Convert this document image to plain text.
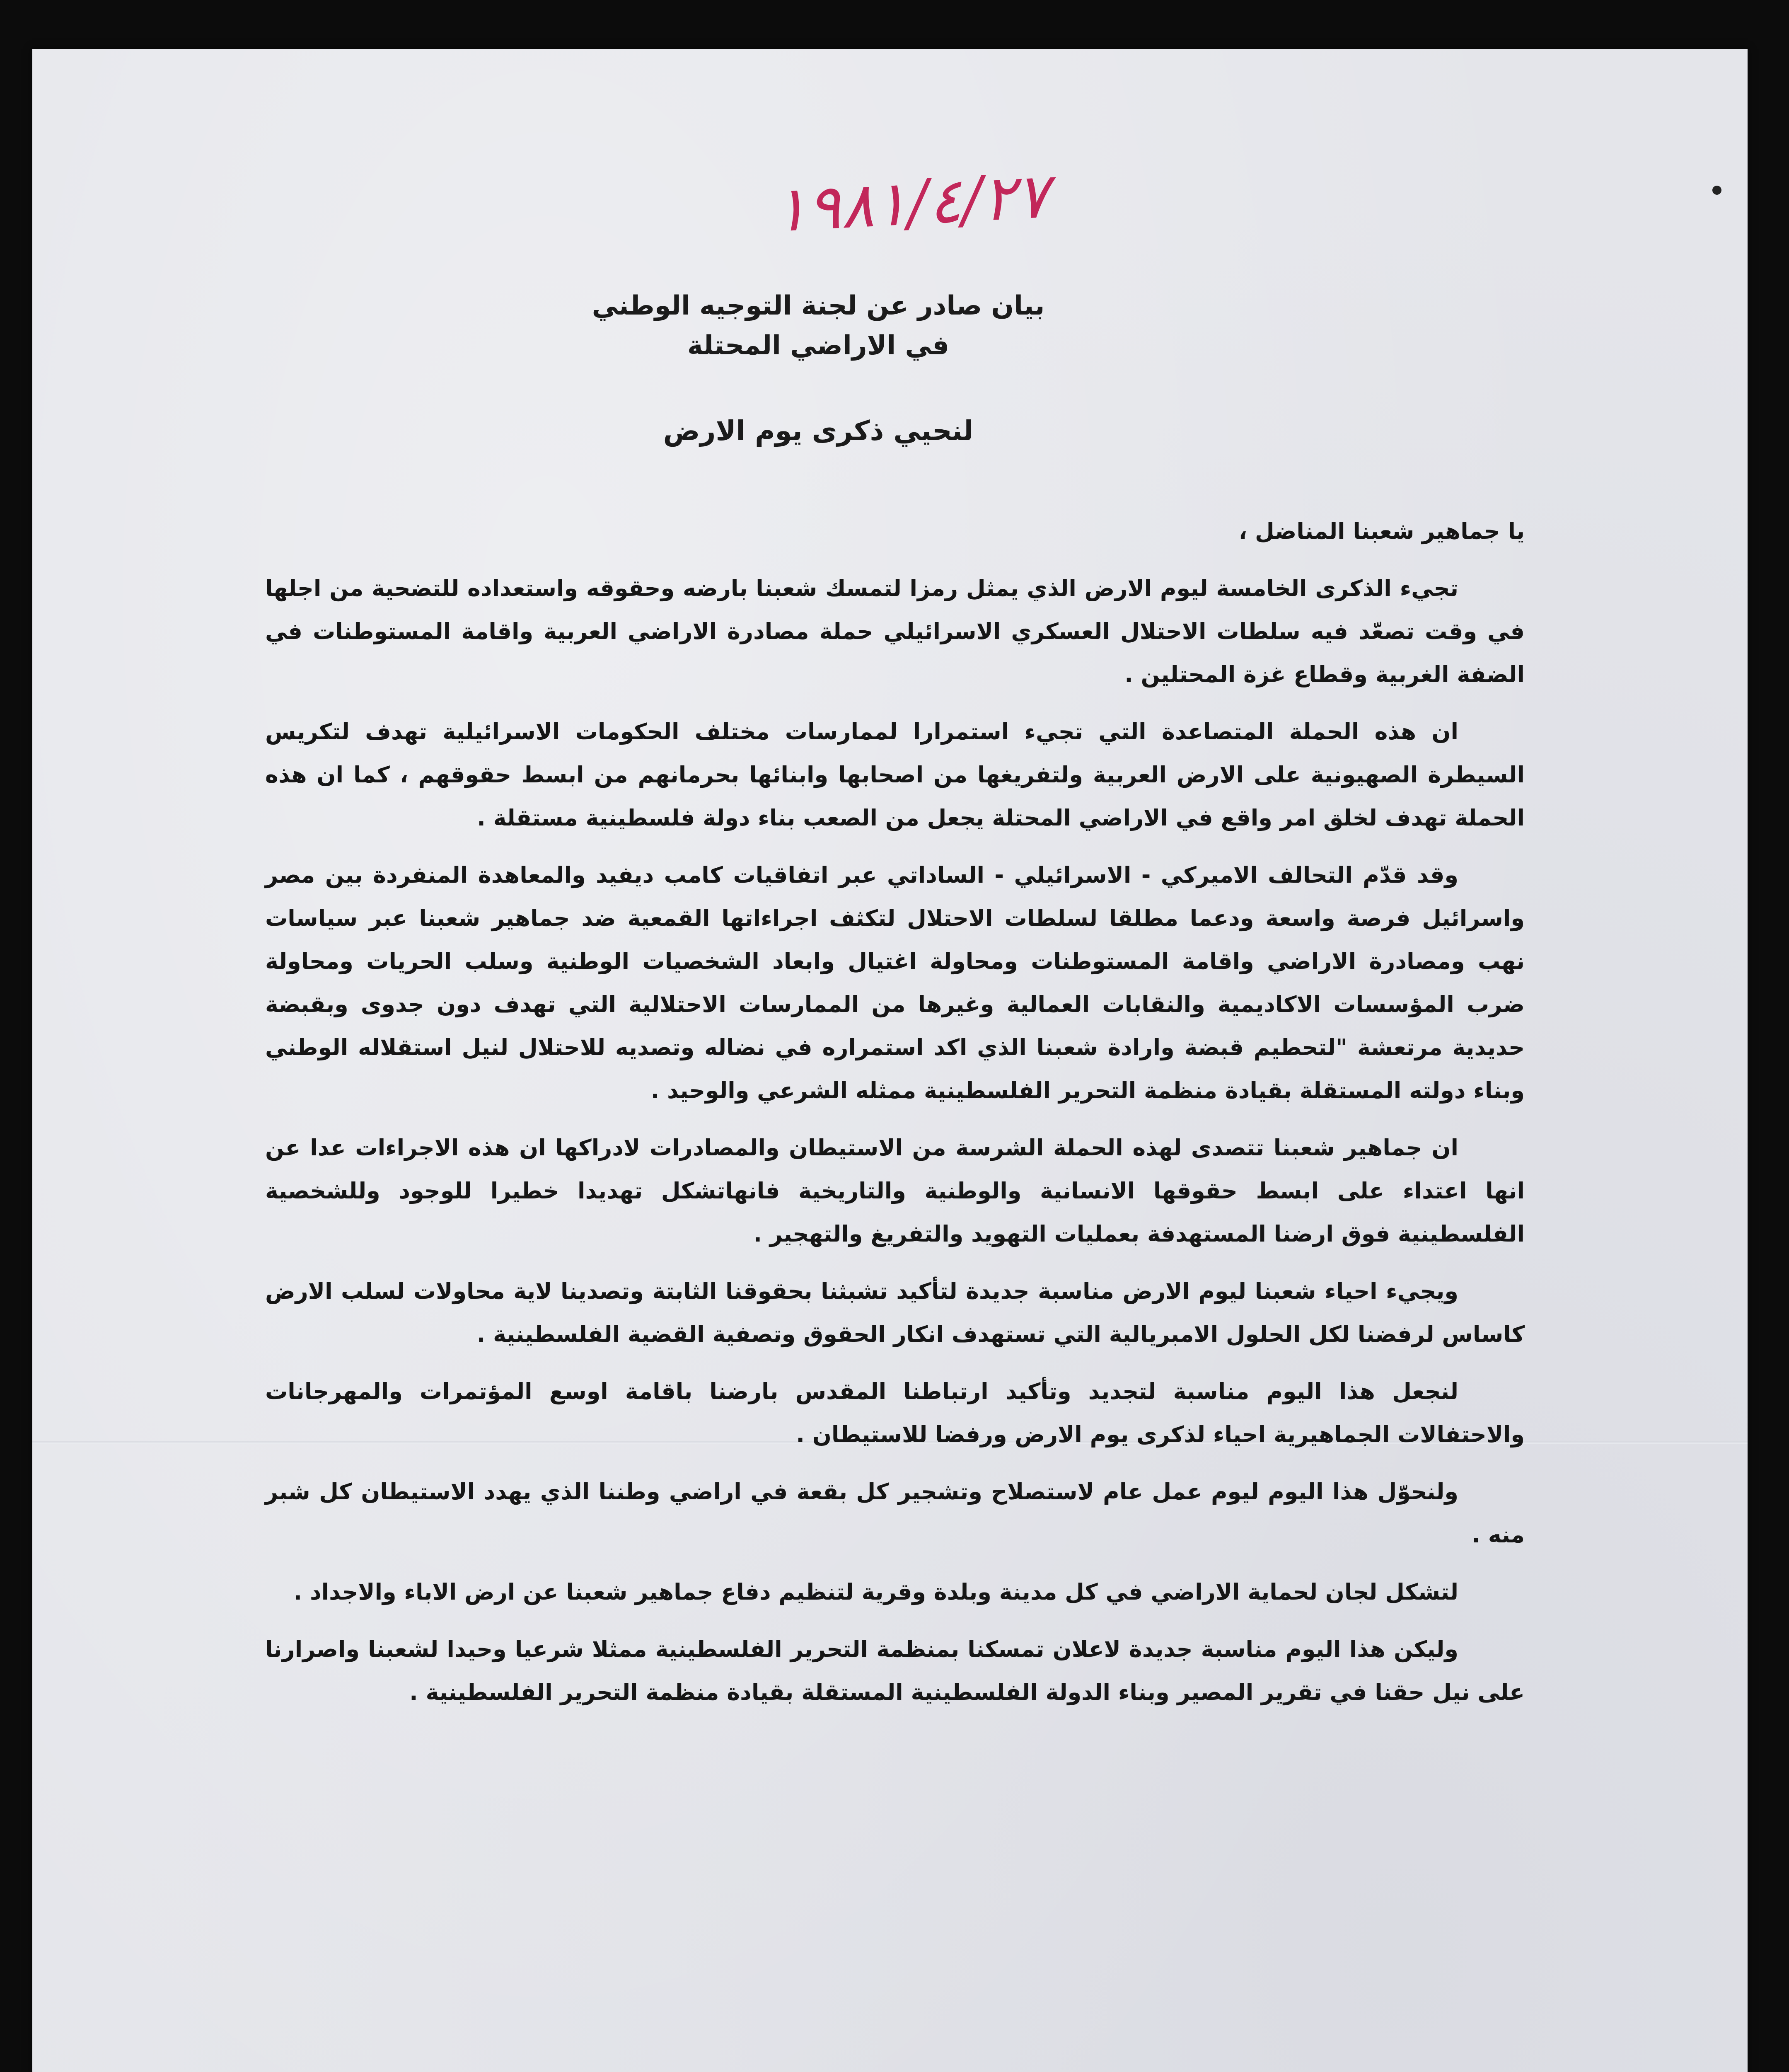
١٩٨١/٤/٢٧
بيان صادر عن لجنة التوجيه الوطني
في الاراضي المحتلة
لنحيي ذكرى يوم الارض

يا جماهير شعبنا المناضل ،

تجيء الذكرى الخامسة ليوم الارض الذي يمثل رمزا لتمسك شعبنا بارضه وحقوقه واستعداده للتضحية من اجلها في وقت تصعّد فيه سلطات الاحتلال العسكري الاسرائيلي حملة مصادرة الاراضي العربية واقامة المستوطنات في الضفة الغربية وقطاع غزة المحتلين .

ان هذه الحملة المتصاعدة التي تجيء استمرارا لممارسات مختلف الحكومات الاسرائيلية تهدف لتكريس السيطرة الصهيونية على الارض العربية ولتفريغها من اصحابها وابنائها بحرمانهم من ابسط حقوقهم ، كما ان هذه الحملة تهدف لخلق امر واقع في الاراضي المحتلة يجعل من الصعب بناء دولة فلسطينية مستقلة .

وقد قدّم التحالف الاميركي - الاسرائيلي - الساداتي عبر اتفاقيات كامب ديفيد والمعاهدة المنفردة بين مصر واسرائيل فرصة واسعة ودعما مطلقا لسلطات الاحتلال لتكثف اجراءاتها القمعية ضد جماهير شعبنا عبر سياسات نهب ومصادرة الاراضي واقامة المستوطنات ومحاولة اغتيال وابعاد الشخصيات الوطنية وسلب الحريات ومحاولة ضرب المؤسسات الاكاديمية والنقابات العمالية وغيرها من الممارسات الاحتلالية التي تهدف دون جدوى وبقبضة حديدية مرتعشة "لتحطيم قبضة وارادة شعبنا الذي اكد استمراره في نضاله وتصديه للاحتلال لنيل استقلاله الوطني وبناء دولته المستقلة بقيادة منظمة التحرير الفلسطينية ممثله الشرعي والوحيد .

ان جماهير شعبنا تتصدى لهذه الحملة الشرسة من الاستيطان والمصادرات لادراكها ان هذه الاجراءات عدا عن انها اعتداء على ابسط حقوقها الانسانية والوطنية والتاريخية فانهاتشكل تهديدا خطيرا للوجود وللشخصية الفلسطينية فوق ارضنا المستهدفة بعمليات التهويد والتفريغ والتهجير .

ويجيء احياء شعبنا ليوم الارض مناسبة جديدة لتأكيد تشبثنا بحقوقنا الثابتة وتصدينا لاية محاولات لسلب الارض كاساس لرفضنا لكل الحلول الامبريالية التي تستهدف انكار الحقوق وتصفية القضية الفلسطينية .

لنجعل هذا اليوم مناسبة لتجديد وتأكيد ارتباطنا المقدس بارضنا باقامة اوسع المؤتمرات والمهرجانات والاحتفالات الجماهيرية احياء لذكرى يوم الارض ورفضا للاستيطان .

ولنحوّل هذا اليوم ليوم عمل عام لاستصلاح وتشجير كل بقعة في اراضي وطننا الذي يهدد الاستيطان كل شبر منه .

لتشكل لجان لحماية الاراضي في كل مدينة وبلدة وقرية لتنظيم دفاع جماهير شعبنا عن ارض الاباء والاجداد .

وليكن هذا اليوم مناسبة جديدة لاعلان تمسكنا بمنظمة التحرير الفلسطينية ممثلا شرعيا وحيدا لشعبنا واصرارنا على نيل حقنا في تقرير المصير وبناء الدولة الفلسطينية المستقلة بقيادة منظمة التحرير الفلسطينية .
